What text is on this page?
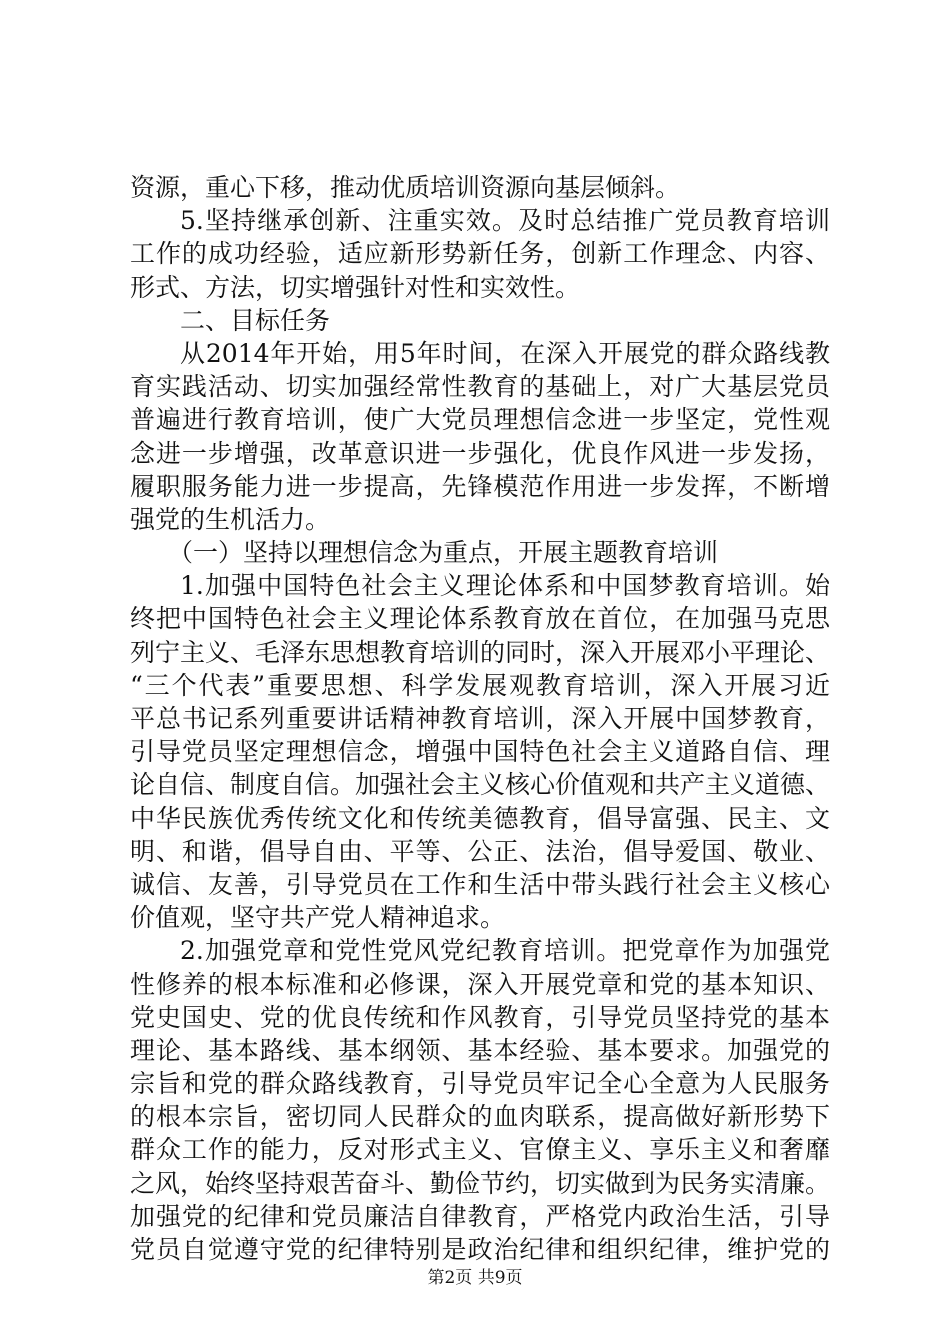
资源，重心下移，推动优质培训资源向基层倾斜。
5.坚持继承创新、注重实效。及时总结推广党员教育培训
工作的成功经验，适应新形势新任务，创新工作理念、内容、
形式、方法，切实增强针对性和实效性。
二、目标任务
从2014年开始，用5年时间，在深入开展党的群众路线教
育实践活动、切实加强经常性教育的基础上，对广大基层党员
普遍进行教育培训，使广大党员理想信念进一步坚定，党性观
念进一步增强，改革意识进一步强化，优良作风进一步发扬，
履职服务能力进一步提高，先锋模范作用进一步发挥，不断增
强党的生机活力。
（一）坚持以理想信念为重点，开展主题教育培训
1.加强中国特色社会主义理论体系和中国梦教育培训。始
终把中国特色社会主义理论体系教育放在首位，在加强马克思
列宁主义、毛泽东思想教育培训的同时，深入开展邓小平理论、
“三个代表”重要思想、科学发展观教育培训，深入开展习近
平总书记系列重要讲话精神教育培训，深入开展中国梦教育，
引导党员坚定理想信念，增强中国特色社会主义道路自信、理
论自信、制度自信。加强社会主义核心价值观和共产主义道德、
中华民族优秀传统文化和传统美德教育，倡导富强、民主、文
明、和谐，倡导自由、平等、公正、法治，倡导爱国、敬业、
诚信、友善，引导党员在工作和生活中带头践行社会主义核心
价值观，坚守共产党人精神追求。
2.加强党章和党性党风党纪教育培训。把党章作为加强党
性修养的根本标准和必修课，深入开展党章和党的基本知识、
党史国史、党的优良传统和作风教育，引导党员坚持党的基本
理论、基本路线、基本纲领、基本经验、基本要求。加强党的
宗旨和党的群众路线教育，引导党员牢记全心全意为人民服务
的根本宗旨，密切同人民群众的血肉联系，提高做好新形势下
群众工作的能力，反对形式主义、官僚主义、享乐主义和奢靡
之风，始终坚持艰苦奋斗、勤俭节约，切实做到为民务实清廉。
加强党的纪律和党员廉洁自律教育，严格党内政治生活，引导
党员自觉遵守党的纪律特别是政治纪律和组织纪律，维护党的
第2页 共9页
